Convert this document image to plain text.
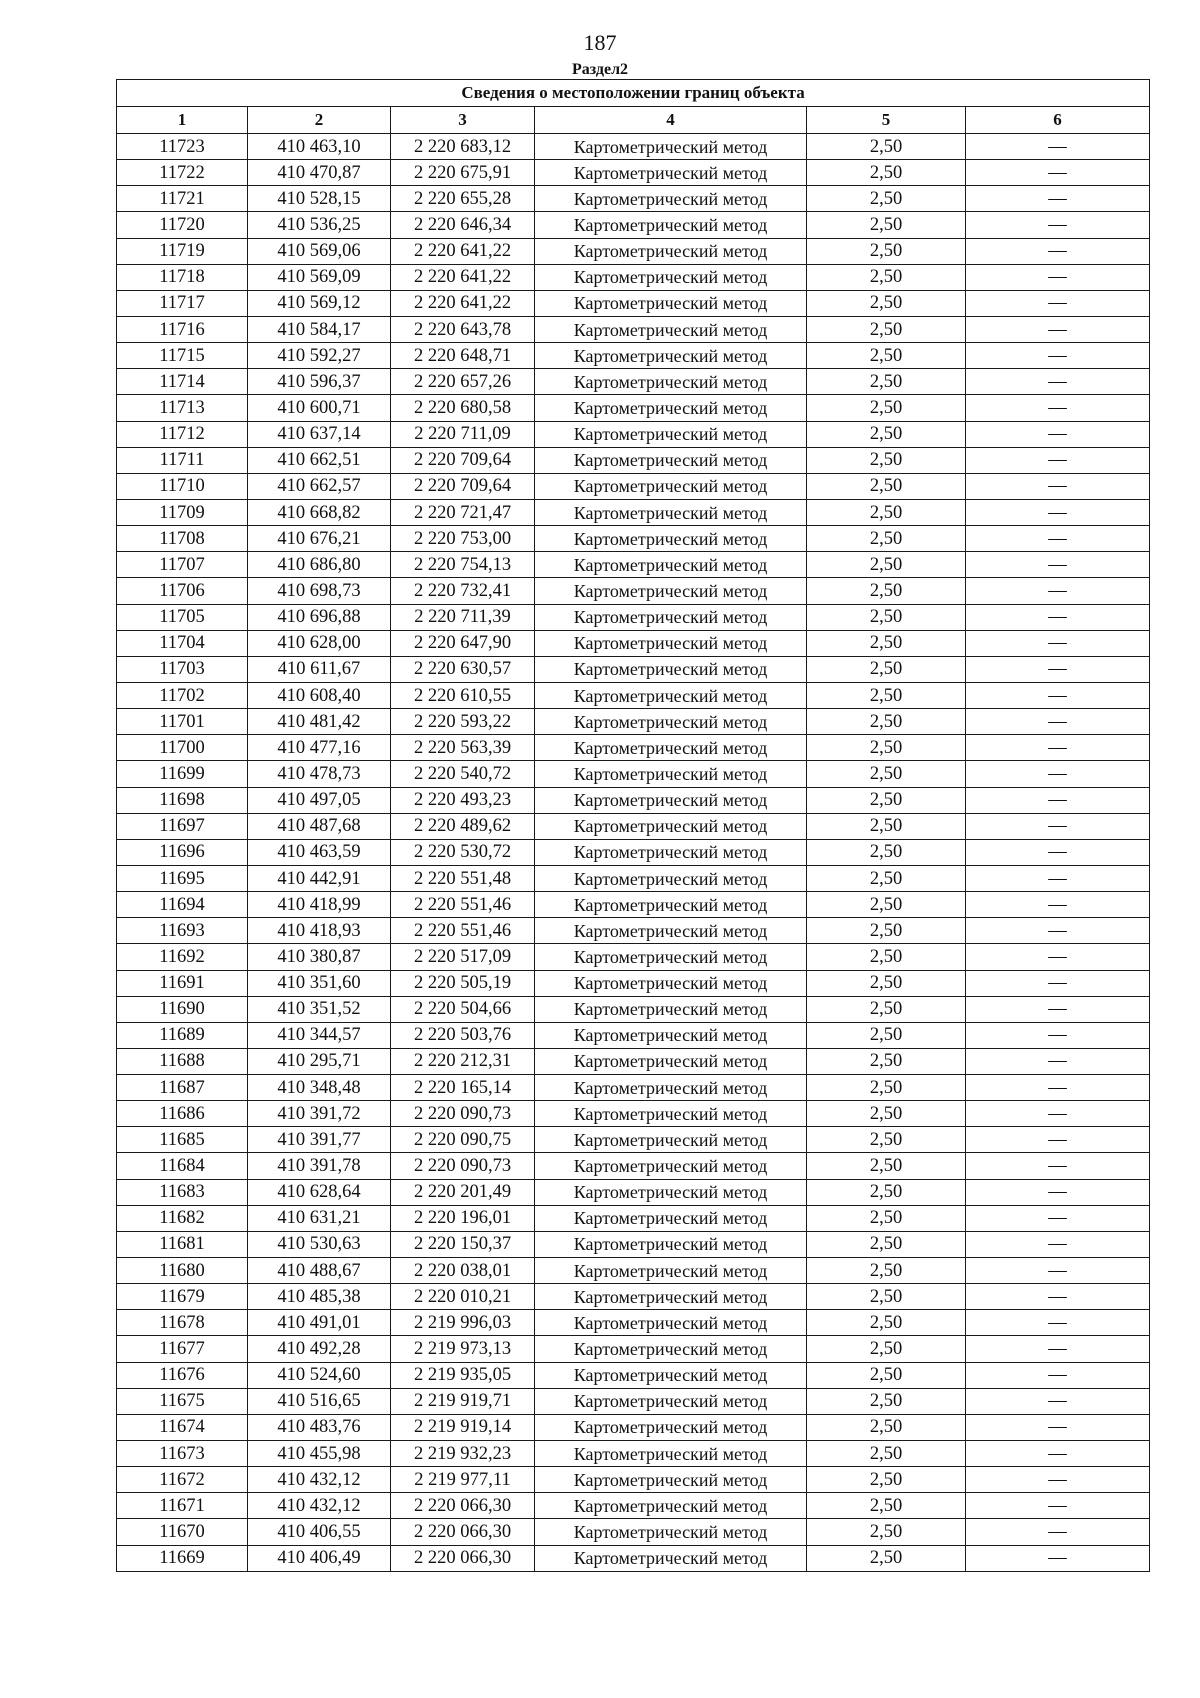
187
Раздел2
Сведения о местоположении границ объекта					
1	2	3	4	5	6
11723	410 463,10	2 220 683,12	Картометрический метод	2,50	—
11722	410 470,87	2 220 675,91	Картометрический метод	2,50	—
11721	410 528,15	2 220 655,28	Картометрический метод	2,50	—
11720	410 536,25	2 220 646,34	Картометрический метод	2,50	—
11719	410 569,06	2 220 641,22	Картометрический метод	2,50	—
11718	410 569,09	2 220 641,22	Картометрический метод	2,50	—
11717	410 569,12	2 220 641,22	Картометрический метод	2,50	—
11716	410 584,17	2 220 643,78	Картометрический метод	2,50	—
11715	410 592,27	2 220 648,71	Картометрический метод	2,50	—
11714	410 596,37	2 220 657,26	Картометрический метод	2,50	—
11713	410 600,71	2 220 680,58	Картометрический метод	2,50	—
11712	410 637,14	2 220 711,09	Картометрический метод	2,50	—
11711	410 662,51	2 220 709,64	Картометрический метод	2,50	—
11710	410 662,57	2 220 709,64	Картометрический метод	2,50	—
11709	410 668,82	2 220 721,47	Картометрический метод	2,50	—
11708	410 676,21	2 220 753,00	Картометрический метод	2,50	—
11707	410 686,80	2 220 754,13	Картометрический метод	2,50	—
11706	410 698,73	2 220 732,41	Картометрический метод	2,50	—
11705	410 696,88	2 220 711,39	Картометрический метод	2,50	—
11704	410 628,00	2 220 647,90	Картометрический метод	2,50	—
11703	410 611,67	2 220 630,57	Картометрический метод	2,50	—
11702	410 608,40	2 220 610,55	Картометрический метод	2,50	—
11701	410 481,42	2 220 593,22	Картометрический метод	2,50	—
11700	410 477,16	2 220 563,39	Картометрический метод	2,50	—
11699	410 478,73	2 220 540,72	Картометрический метод	2,50	—
11698	410 497,05	2 220 493,23	Картометрический метод	2,50	—
11697	410 487,68	2 220 489,62	Картометрический метод	2,50	—
11696	410 463,59	2 220 530,72	Картометрический метод	2,50	—
11695	410 442,91	2 220 551,48	Картометрический метод	2,50	—
11694	410 418,99	2 220 551,46	Картометрический метод	2,50	—
11693	410 418,93	2 220 551,46	Картометрический метод	2,50	—
11692	410 380,87	2 220 517,09	Картометрический метод	2,50	—
11691	410 351,60	2 220 505,19	Картометрический метод	2,50	—
11690	410 351,52	2 220 504,66	Картометрический метод	2,50	—
11689	410 344,57	2 220 503,76	Картометрический метод	2,50	—
11688	410 295,71	2 220 212,31	Картометрический метод	2,50	—
11687	410 348,48	2 220 165,14	Картометрический метод	2,50	—
11686	410 391,72	2 220 090,73	Картометрический метод	2,50	—
11685	410 391,77	2 220 090,75	Картометрический метод	2,50	—
11684	410 391,78	2 220 090,73	Картометрический метод	2,50	—
11683	410 628,64	2 220 201,49	Картометрический метод	2,50	—
11682	410 631,21	2 220 196,01	Картометрический метод	2,50	—
11681	410 530,63	2 220 150,37	Картометрический метод	2,50	—
11680	410 488,67	2 220 038,01	Картометрический метод	2,50	—
11679	410 485,38	2 220 010,21	Картометрический метод	2,50	—
11678	410 491,01	2 219 996,03	Картометрический метод	2,50	—
11677	410 492,28	2 219 973,13	Картометрический метод	2,50	—
11676	410 524,60	2 219 935,05	Картометрический метод	2,50	—
11675	410 516,65	2 219 919,71	Картометрический метод	2,50	—
11674	410 483,76	2 219 919,14	Картометрический метод	2,50	—
11673	410 455,98	2 219 932,23	Картометрический метод	2,50	—
11672	410 432,12	2 219 977,11	Картометрический метод	2,50	—
11671	410 432,12	2 220 066,30	Картометрический метод	2,50	—
11670	410 406,55	2 220 066,30	Картометрический метод	2,50	—
11669	410 406,49	2 220 066,30	Картометрический метод	2,50	—
